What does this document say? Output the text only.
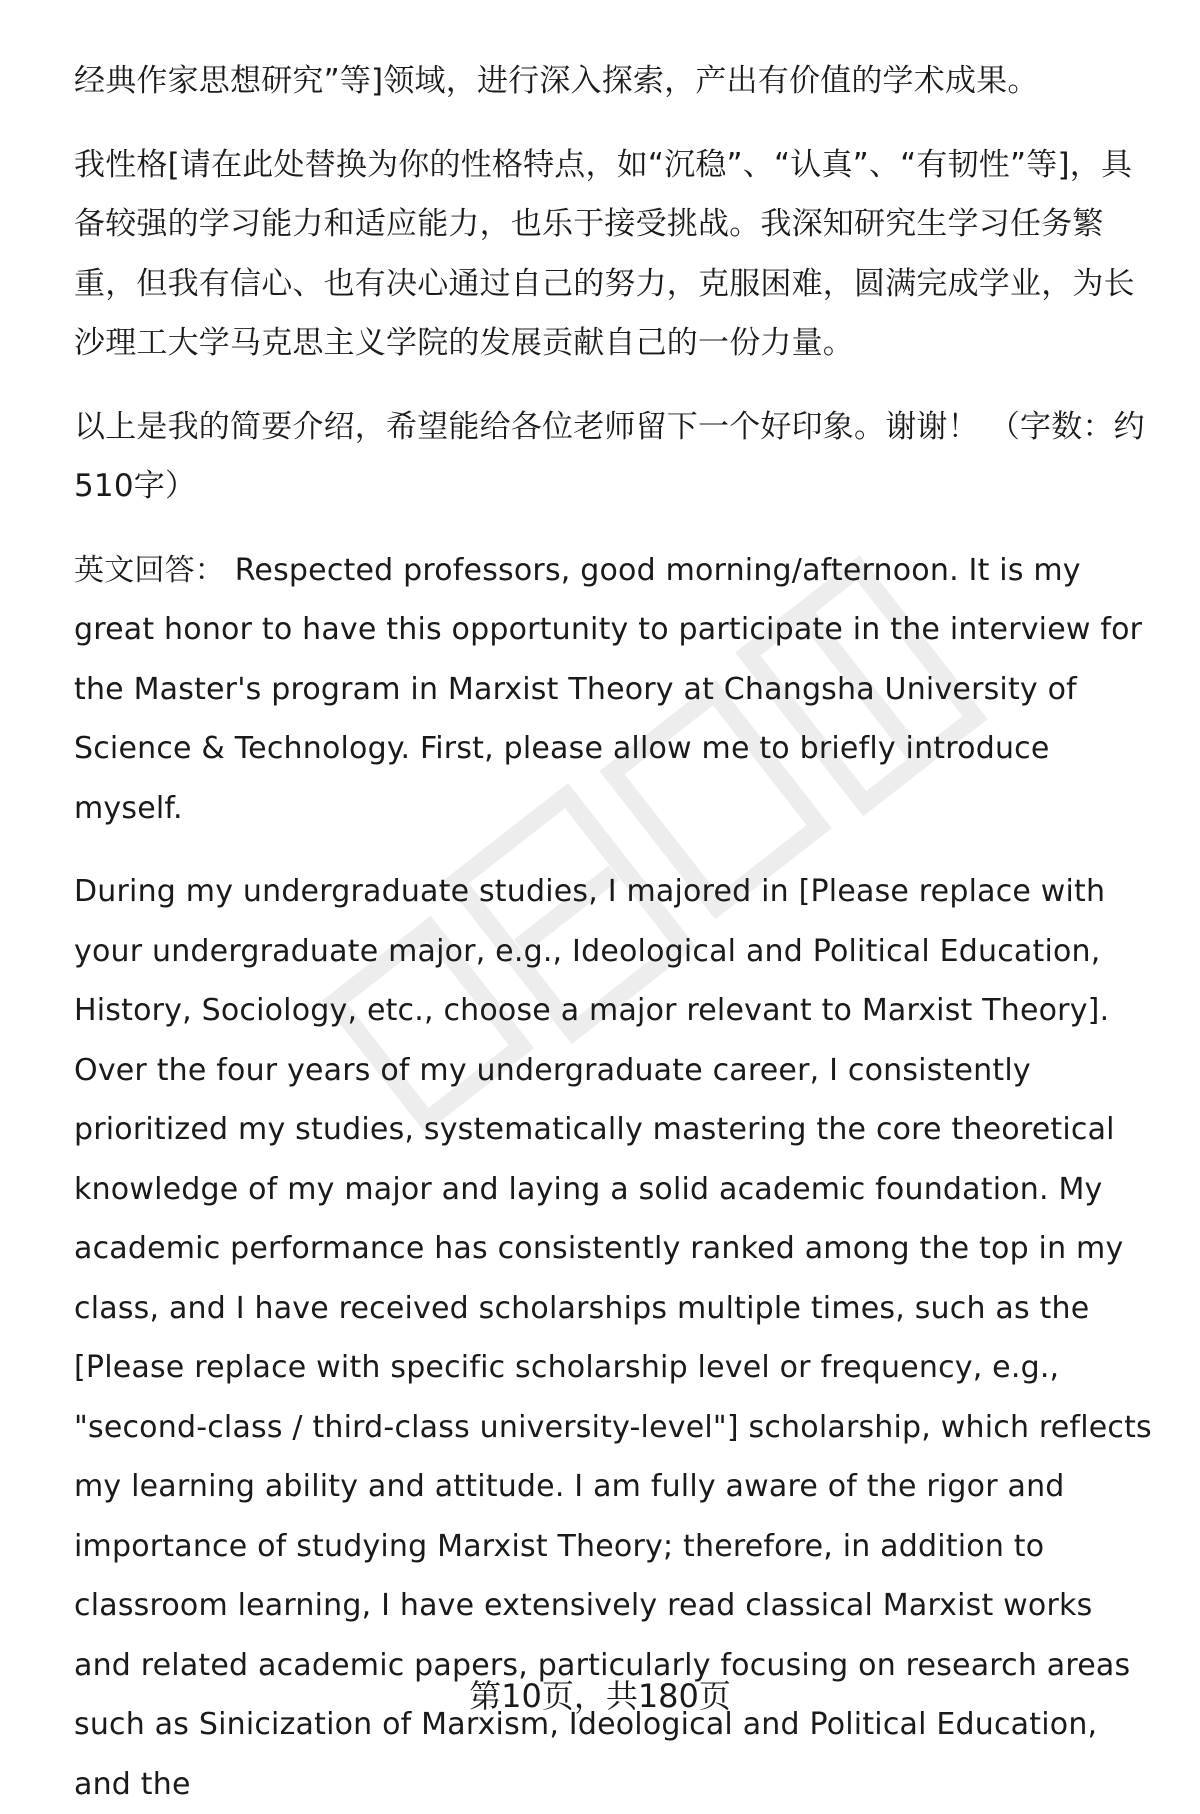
经典作家思想研究”等]领域，进行深入探索，产出有价值的学术成果。

我性格[请在此处替换为你的性格特点，如“沉稳”、“认真”、“有韧性”等]，具备较强的学习能力和适应能力，也乐于接受挑战。我深知研究生学习任务繁重，但我有信心、也有决心通过自己的努力，克服困难，圆满完成学业，为长沙理工大学马克思主义学院的发展贡献自己的一份力量。

以上是我的简要介绍，希望能给各位老师留下一个好印象。谢谢！ （字数：约510字）

英文回答： Respected professors, good morning/afternoon. It is my great honor to have this opportunity to participate in the interview for the Master's program in Marxist Theory at Changsha University of Science & Technology. First, please allow me to briefly introduce myself.

During my undergraduate studies, I majored in [Please replace with your undergraduate major, e.g., Ideological and Political Education, History, Sociology, etc., choose a major relevant to Marxist Theory]. Over the four years of my undergraduate career, I consistently prioritized my studies, systematically mastering the core theoretical knowledge of my major and laying a solid academic foundation. My academic performance has consistently ranked among the top in my class, and I have received scholarships multiple times, such as the [Please replace with specific scholarship level or frequency, e.g., "second-class / third-class university-level"] scholarship, which reflects my learning ability and attitude. I am fully aware of the rigor and importance of studying Marxist Theory; therefore, in addition to classroom learning, I have extensively read classical Marxist works and related academic papers, particularly focusing on research areas such as Sinicization of Marxism, Ideological and Political Education, and the

第10页，共180页
